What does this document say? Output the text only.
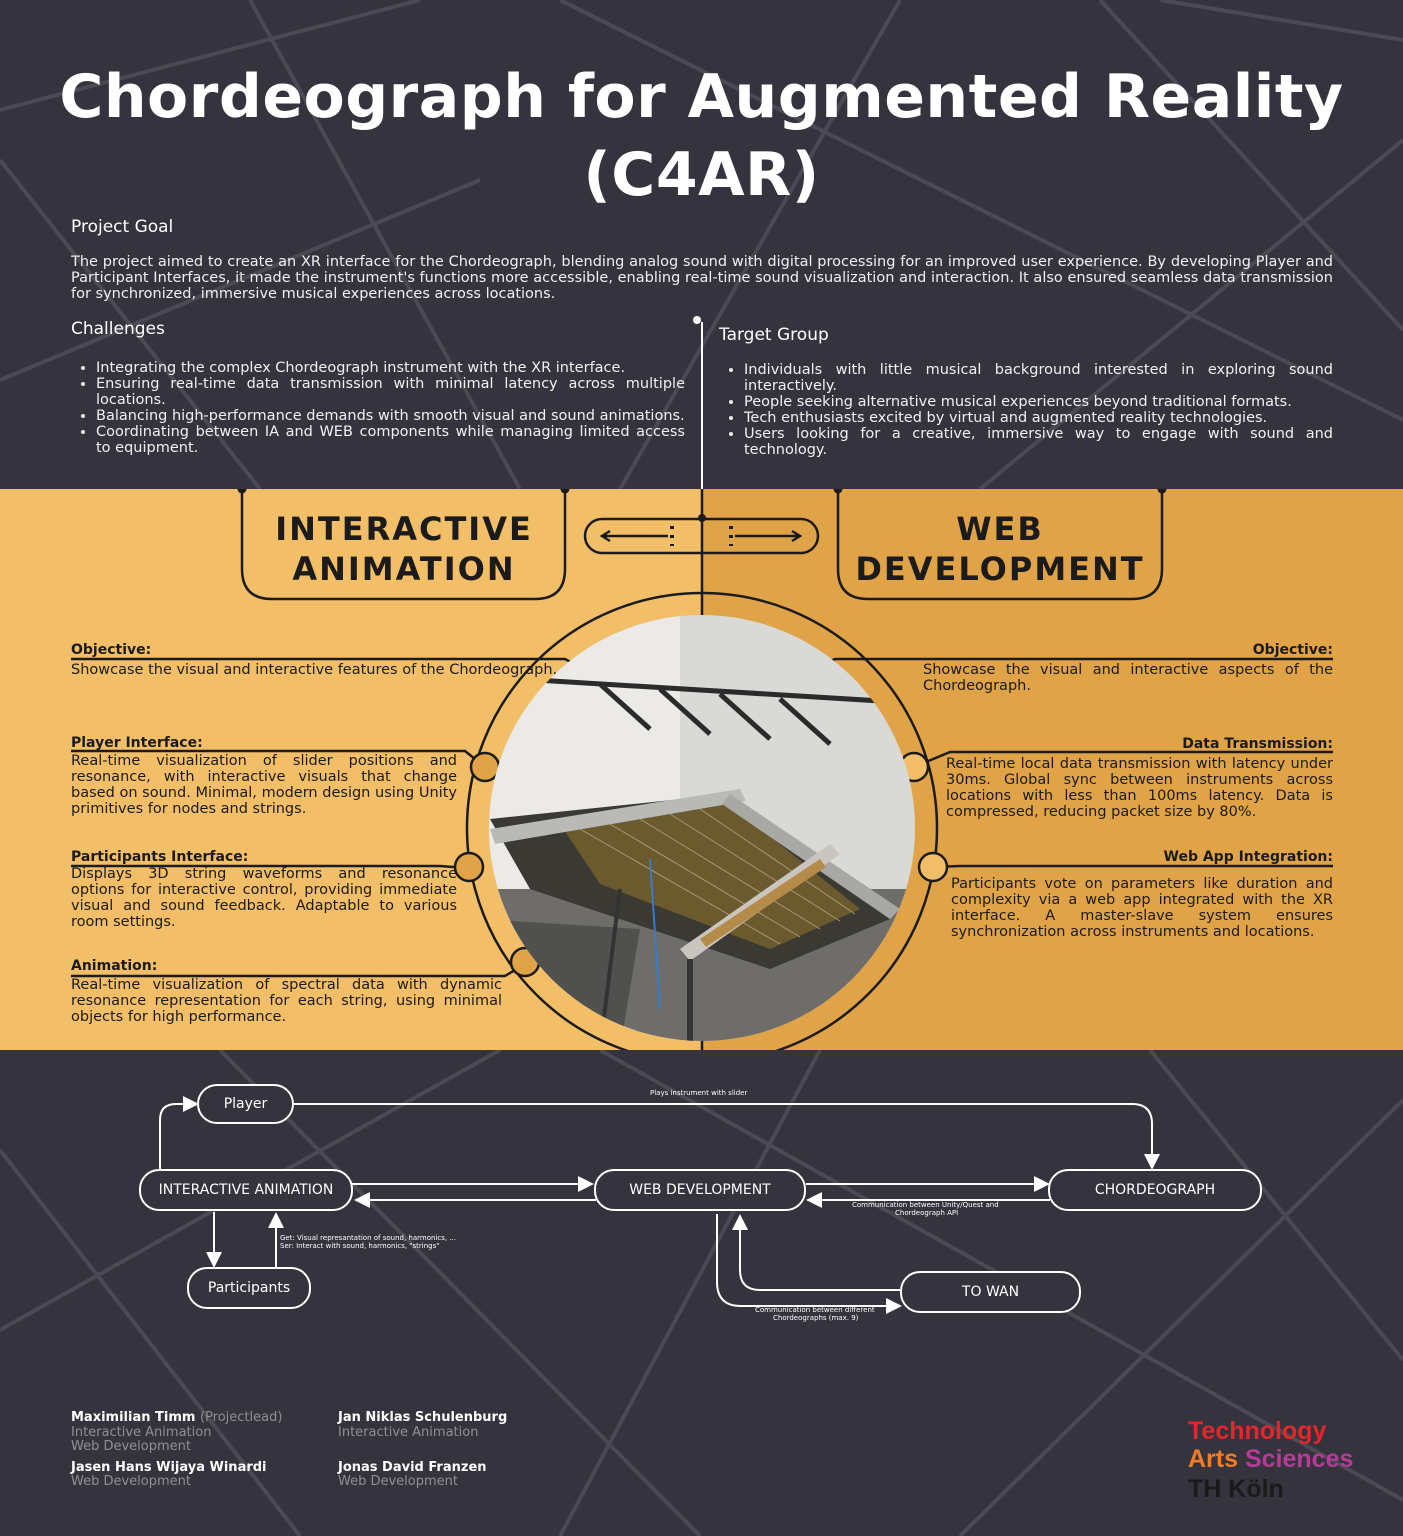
Chordeograph for Augmented Reality (C4AR)
Project Goal
The project aimed to create an XR interface for the Chordeograph, blending analog sound with digital processing for an improved user experience. By developing Player and Participant Interfaces, it made the instrument's functions more accessible, enabling real-time sound visualization and interaction. It also ensured seamless data transmission for synchronized, immersive musical experiences across locations.
Challenges
• Integrating the complex Chordeograph instrument with the XR interface.
• Ensuring real-time data transmission with minimal latency across multiple locations.
• Balancing high-performance demands with smooth visual and sound animations.
• Coordinating between IA and WEB components while managing limited access to equipment.
Target Group
• Individuals with little musical background interested in exploring sound interactively.
• People seeking alternative musical experiences beyond traditional formats.
• Tech enthusiasts excited by virtual and augmented reality technologies.
• Users looking for a creative, immersive way to engage with sound and technology.
INTERACTIVE
ANIMATION
WEB
DEVELOPMENT
Objective:
Showcase the visual and interactive features of the Chordeograph.
Player Interface:
Real-time visualization of slider positions and resonance, with interactive visuals that change based on sound. Minimal, modern design using Unity primitives for nodes and strings.
Participants Interface:
Displays 3D string waveforms and resonance options for interactive control, providing immediate visual and sound feedback. Adaptable to various room settings.
Animation:
Real-time visualization of spectral data with dynamic resonance representation for each string, using minimal objects for high performance.
Objective:
Showcase the visual and interactive aspects of the Chordeograph.
Data Transmission:
Real-time local data transmission with latency under 30ms. Global sync between instruments across locations with less than 100ms latency. Data is compressed, reducing packet size by 80%.
Web App Integration:
Participants vote on parameters like duration and complexity via a web app integrated with the XR interface. A master-slave system ensures synchronization across instruments and locations.
Player
INTERACTIVE ANIMATION	WEB DEVELOPMENT	CHORDEOGRAPH
Participants	TO WAN
Plays instrument with slider
Get: Visual represantation of sound, harmonics, ...
Ser: Interact with sound, harmonics, "strings"
Communication between Unity/Quest and
Chordeograph API
Communication between different
Chordeographs (max. 9)
Maximilian Timm (Projectlead)
Interactive Animation
Web Development
Jan Niklas Schulenburg
Interactive Animation
Jasen Hans Wijaya Winardi
Web Development
Jonas David Franzen
Web Development
Technology
Arts Sciences
TH Köln
